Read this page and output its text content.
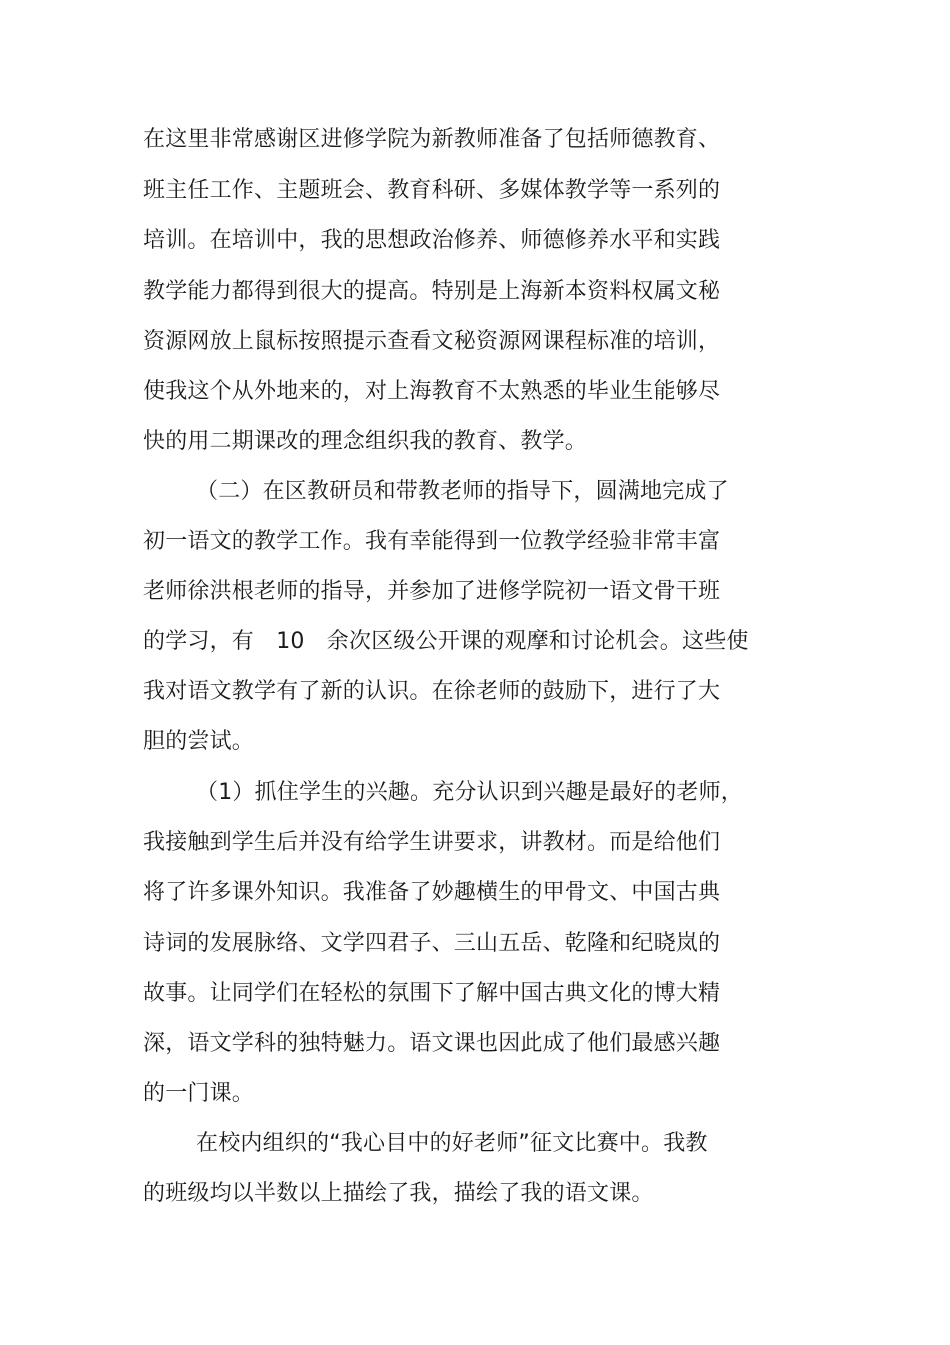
在这里非常感谢区进修学院为新教师准备了包括师德教育、
班主任工作、主题班会、教育科研、多媒体教学等一系列的
培训。在培训中，我的思想政治修养、师德修养水平和实践
教学能力都得到很大的提高。特别是上海新本资料权属文秘
资源网放上鼠标按照提示查看文秘资源网课程标准的培训，
使我这个从外地来的，对上海教育不太熟悉的毕业生能够尽
快的用二期课改的理念组织我的教育、教学。
（二）在区教研员和带教老师的指导下，圆满地完成了
初一语文的教学工作。我有幸能得到一位教学经验非常丰富
老师徐洪根老师的指导，并参加了进修学院初一语文骨干班
的学习，有　10　余次区级公开课的观摩和讨论机会。这些使
我对语文教学有了新的认识。在徐老师的鼓励下，进行了大
胆的尝试。
（1）抓住学生的兴趣。充分认识到兴趣是最好的老师，
我接触到学生后并没有给学生讲要求，讲教材。而是给他们
将了许多课外知识。我准备了妙趣横生的甲骨文、中国古典
诗词的发展脉络、文学四君子、三山五岳、乾隆和纪晓岚的
故事。让同学们在轻松的氛围下了解中国古典文化的博大精
深，语文学科的独特魅力。语文课也因此成了他们最感兴趣
的一门课。
在校内组织的“我心目中的好老师”征文比赛中。我教
的班级均以半数以上描绘了我，描绘了我的语文课。
